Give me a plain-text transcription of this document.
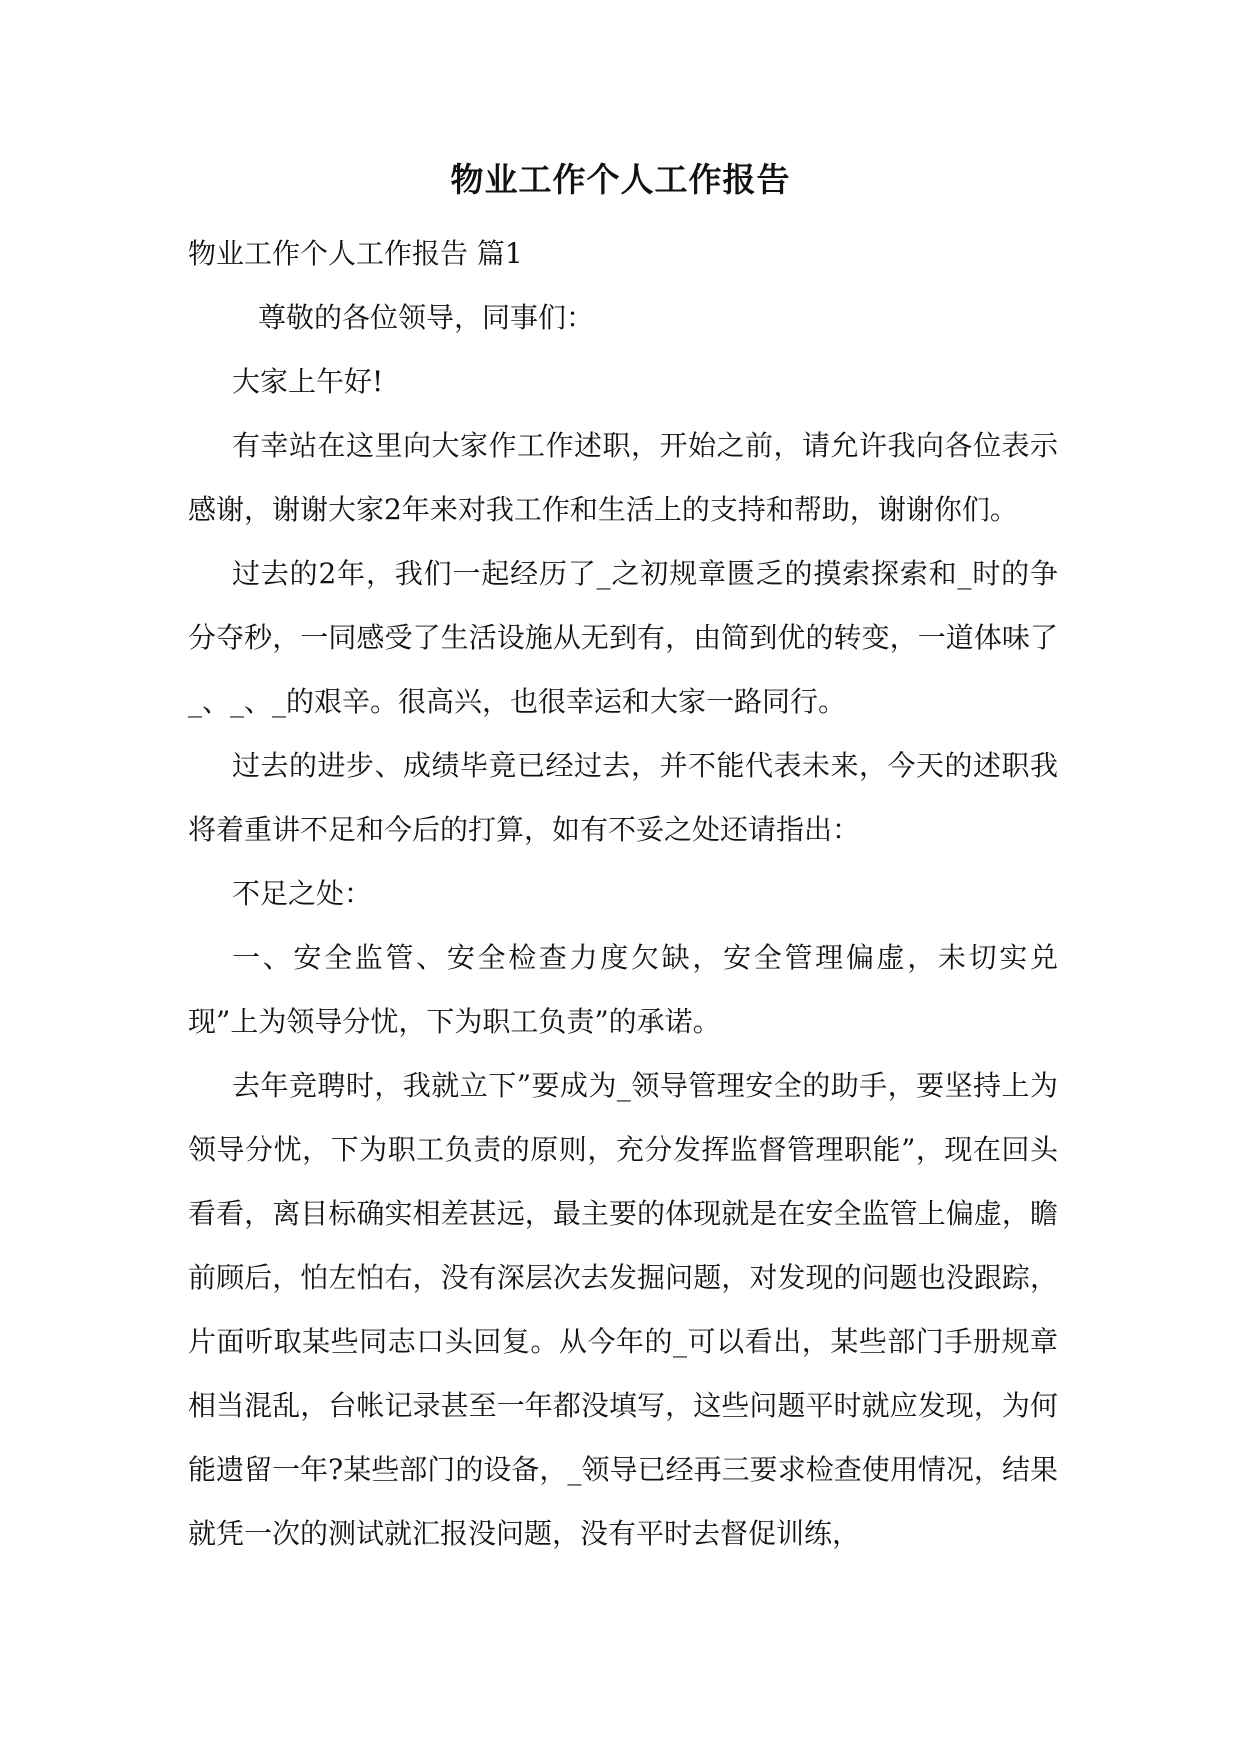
物业工作个人工作报告

物业工作个人工作报告 篇1

尊敬的各位领导，同事们：

大家上午好!

有幸站在这里向大家作工作述职，开始之前，请允许我向各位表示感谢，谢谢大家2年来对我工作和生活上的支持和帮助，谢谢你们。

过去的2年，我们一起经历了_之初规章匮乏的摸索探索和_时的争分夺秒，一同感受了生活设施从无到有，由简到优的转变，一道体味了_、_、_的艰辛。很高兴，也很幸运和大家一路同行。

过去的进步、成绩毕竟已经过去，并不能代表未来，今天的述职我将着重讲不足和今后的打算，如有不妥之处还请指出：

不足之处：

一、安全监管、安全检查力度欠缺，安全管理偏虚，未切实兑现”上为领导分忧，下为职工负责”的承诺。

去年竞聘时，我就立下”要成为_领导管理安全的助手，要坚持上为领导分忧，下为职工负责的原则，充分发挥监督管理职能”，现在回头看看，离目标确实相差甚远，最主要的体现就是在安全监管上偏虚，瞻前顾后，怕左怕右，没有深层次去发掘问题，对发现的问题也没跟踪，片面听取某些同志口头回复。从今年的_可以看出，某些部门手册规章相当混乱，台帐记录甚至一年都没填写，这些问题平时就应发现，为何能遗留一年?某些部门的设备，_领导已经再三要求检查使用情况，结果就凭一次的测试就汇报没问题，没有平时去督促训练，
